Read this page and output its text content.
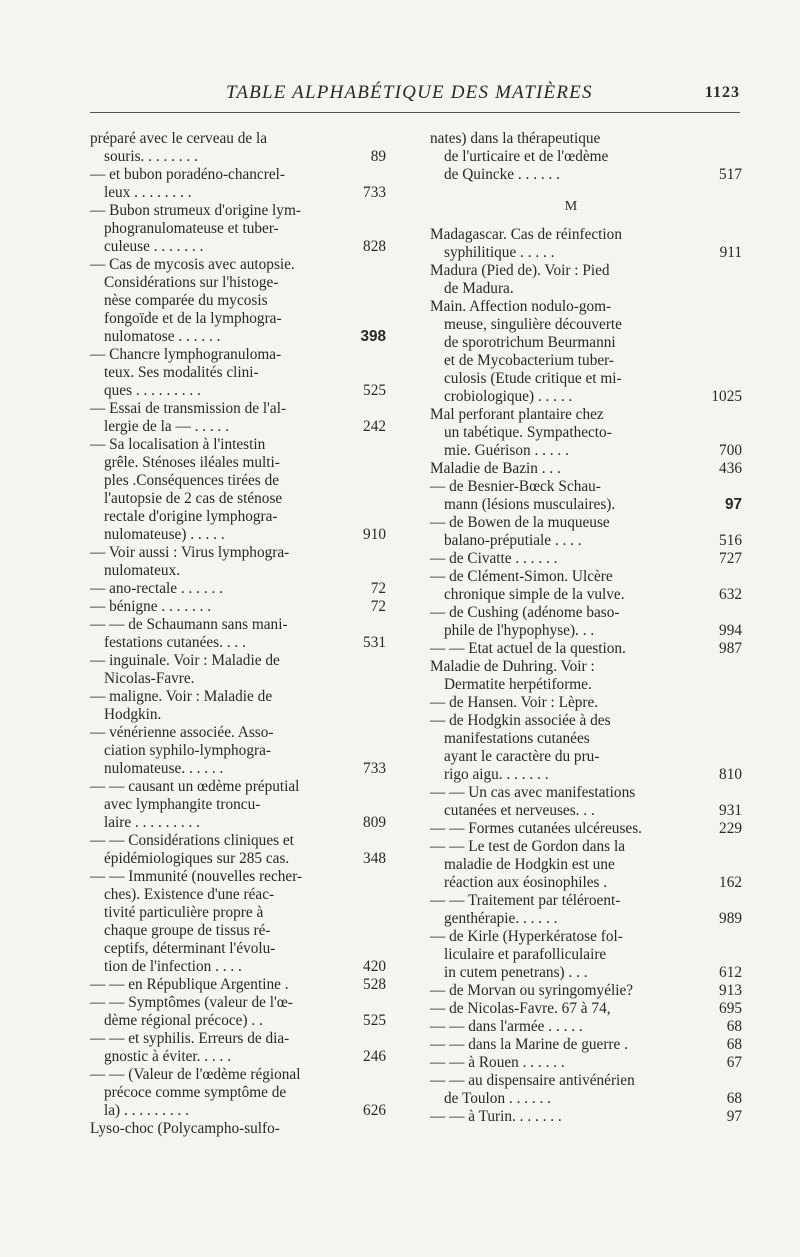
TABLE ALPHABÉTIQUE DES MATIÈRES	1123
préparé avec le cerveau de la
souris. . . . . . . .	89
— et bubon poradéno-chancrel-
leux . . . . . . . .	733
— Bubon strumeux d'origine lym-
phogranulomateuse et tuber-
culeuse . . . . . . .	828
— Cas de mycosis avec autopsie.
Considérations sur l'histoge-
nèse comparée du mycosis
fongoïde et de la lymphogra-
nulomatose . . . . . .	398
— Chancre lymphogranuloma-
teux. Ses modalités clini-
ques . . . . . . . . .	525
— Essai de transmission de l'al-
lergie de la — . . . . .	242
— Sa localisation à l'intestin
grêle. Sténoses iléales multi-
ples .Conséquences tirées de
l'autopsie de 2 cas de sténose
rectale d'origine lymphogra-
nulomateuse) . . . . .	910
— Voir aussi : Virus lymphogra-
nulomateux.
— ano-rectale . . . . . .	72
— bénigne . . . . . . .	72
— — de Schaumann sans mani-
festations cutanées. . . .	531
— inguinale. Voir : Maladie de
Nicolas-Favre.
— maligne. Voir : Maladie de
Hodgkin.
— vénérienne associée. Asso-
ciation syphilo-lymphogra-
nulomateuse. . . . . .	733
— — causant un œdème préputial
avec lymphangite troncu-
laire . . . . . . . . .	809
— — Considérations cliniques et
épidémiologiques sur 285 cas.	348
— — Immunité (nouvelles recher-
ches). Existence d'une réac-
tivité particulière propre à
chaque groupe de tissus ré-
ceptifs, déterminant l'évolu-
tion de l'infection . . . .	420
— — en République Argentine .	528
— — Symptômes (valeur de l'œ-
dème régional précoce) . .	525
— — et syphilis. Erreurs de dia-
gnostic à éviter. . . . .	246
— — (Valeur de l'œdème régional
précoce comme symptôme de
la) . . . . . . . . .	626
Lyso-choc (Polycampho-sulfo-
nates) dans la thérapeutique
de l'urticaire et de l'œdème
de Quincke . . . . . .	517
M
Madagascar. Cas de réinfection
syphilitique . . . . .	911
Madura (Pied de). Voir : Pied
de Madura.
Main. Affection nodulo-gom-
meuse, singulière découverte
de sporotrichum Beurmanni
et de Mycobacterium tuber-
culosis (Etude critique et mi-
crobiologique) . . . . .	1025
Mal perforant plantaire chez
un tabétique. Sympathecto-
mie. Guérison . . . . .	700
Maladie de Bazin . . .	436
— de Besnier-Bœck Schau-
mann (lésions musculaires).	97
— de Bowen de la muqueuse
balano-préputiale . . . .	516
— de Civatte . . . . . .	727
— de Clément-Simon. Ulcère
chronique simple de la vulve.	632
— de Cushing (adénome baso-
phile de l'hypophyse). . .	994
— — Etat actuel de la question.	987
Maladie de Duhring. Voir :
Dermatite herpétiforme.
— de Hansen. Voir : Lèpre.
— de Hodgkin associée à des
manifestations cutanées
ayant le caractère du pru-
rigo aigu. . . . . . .	810
— — Un cas avec manifestations
cutanées et nerveuses. . .	931
— — Formes cutanées ulcéreuses.	229
— — Le test de Gordon dans la
maladie de Hodgkin est une
réaction aux éosinophiles .	162
— — Traitement par téléroent-
genthérapie. . . . . .	989
— de Kirle (Hyperkératose fol-
liculaire et parafolliculaire
in cutem penetrans) . . .	612
— de Morvan ou syringomyélie?	913
— de Nicolas-Favre. 67 à 74,	695
— — dans l'armée . . . . .	68
— — dans la Marine de guerre .	68
— — à Rouen . . . . . .	67
— — au dispensaire antivénérien
de Toulon . . . . . .	68
— — à Turin. . . . . . .	97
